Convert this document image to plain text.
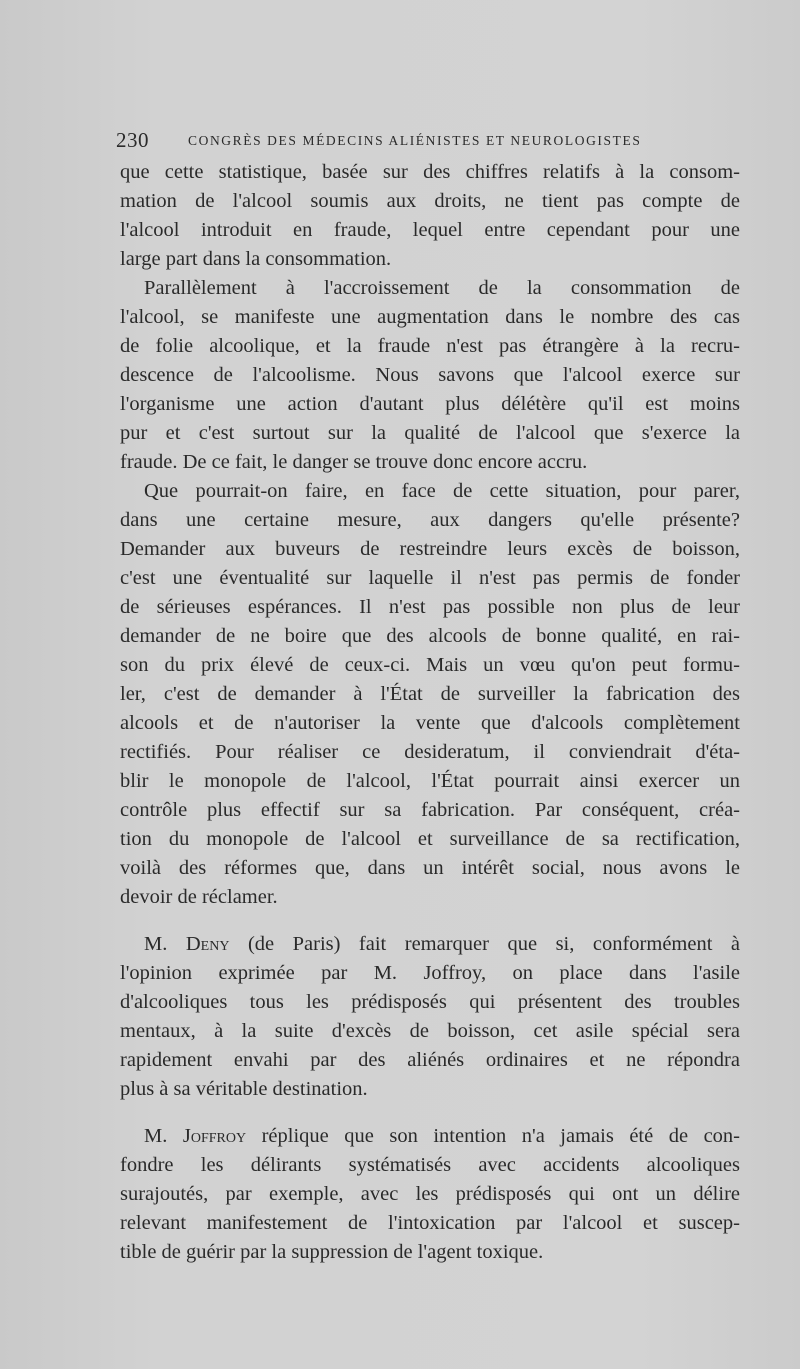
230	CONGRÈS DES MÉDECINS ALIÉNISTES ET NEUROLOGISTES
que cette statistique, basée sur des chiffres relatifs à la consom-
mation de l'alcool soumis aux droits, ne tient pas compte de
l'alcool introduit en fraude, lequel entre cependant pour une
large part dans la consommation.
Parallèlement à l'accroissement de la consommation de
l'alcool, se manifeste une augmentation dans le nombre des cas
de folie alcoolique, et la fraude n'est pas étrangère à la recru-
descence de l'alcoolisme. Nous savons que l'alcool exerce sur
l'organisme une action d'autant plus délétère qu'il est moins
pur et c'est surtout sur la qualité de l'alcool que s'exerce la
fraude. De ce fait, le danger se trouve donc encore accru.
Que pourrait-on faire, en face de cette situation, pour parer,
dans une certaine mesure, aux dangers qu'elle présente?
Demander aux buveurs de restreindre leurs excès de boisson,
c'est une éventualité sur laquelle il n'est pas permis de fonder
de sérieuses espérances. Il n'est pas possible non plus de leur
demander de ne boire que des alcools de bonne qualité, en rai-
son du prix élevé de ceux-ci. Mais un vœu qu'on peut formu-
ler, c'est de demander à l'État de surveiller la fabrication des
alcools et de n'autoriser la vente que d'alcools complètement
rectifiés. Pour réaliser ce desideratum, il conviendrait d'éta-
blir le monopole de l'alcool, l'État pourrait ainsi exercer un
contrôle plus effectif sur sa fabrication. Par conséquent, créa-
tion du monopole de l'alcool et surveillance de sa rectification,
voilà des réformes que, dans un intérêt social, nous avons le
devoir de réclamer.
M. Deny (de Paris) fait remarquer que si, conformément à
l'opinion exprimée par M. Joffroy, on place dans l'asile
d'alcooliques tous les prédisposés qui présentent des troubles
mentaux, à la suite d'excès de boisson, cet asile spécial sera
rapidement envahi par des aliénés ordinaires et ne répondra
plus à sa véritable destination.
M. Joffroy réplique que son intention n'a jamais été de con-
fondre les délirants systématisés avec accidents alcooliques
surajoutés, par exemple, avec les prédisposés qui ont un délire
relevant manifestement de l'intoxication par l'alcool et suscep-
tible de guérir par la suppression de l'agent toxique.
